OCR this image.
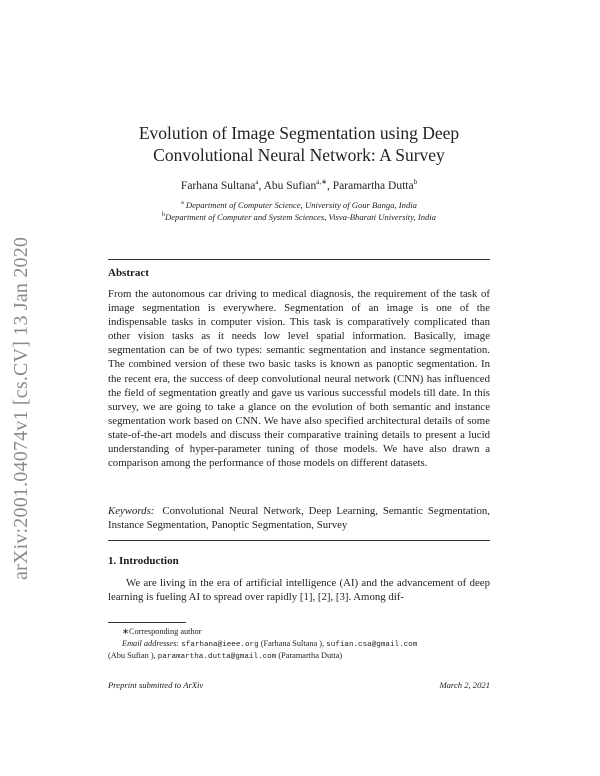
arXiv:2001.04074v1 [cs.CV] 13 Jan 2020
Evolution of Image Segmentation using Deep
Convolutional Neural Network: A Survey
Farhana Sultana$^a$, Abu Sufian$^{a,∗}$, Paramartha Dutta$^b$
$^a$ Department of Computer Science, University of Gour Banga, India
$^b$Department of Computer and System Sciences, Visva-Bharati University, India
Abstract
From the autonomous car driving to medical diagnosis, the requirement of the task of image segmentation is everywhere. Segmentation of an image is one of the indispensable tasks in computer vision. This task is comparatively complicated than other vision tasks as it needs low level spatial information. Basically, image segmentation can be of two types: semantic segmentation and instance segmentation. The combined version of these two basic tasks is known as panoptic segmentation. In the recent era, the success of deep convolutional neural network (CNN) has influenced the field of segmentation greatly and gave us various successful models till date. In this survey, we are going to take a glance on the evolution of both semantic and instance segmentation work based on CNN. We have also specified architectural details of some state-of-the-art models and discuss their comparative training details to present a lucid understanding of hyper-parameter tuning of those models. We have also drawn a comparison among the performance of those models on different datasets.
Keywords: Convolutional Neural Network, Deep Learning, Semantic Segmentation, Instance Segmentation, Panoptic Segmentation, Survey
1. Introduction
We are living in the era of artificial intelligence (AI) and the advancement of deep learning is fueling AI to spread over rapidly [1], [2], [3]. Among dif-
∗Corresponding author
Email addresses: sfarhana@ieee.org (Farhana Sultana ), sufian.csa@gmail.com
(Abu Sufian ), paramartha.dutta@gmail.com (Paramartha Dutta)
Preprint submitted to ArXiv	March 2, 2021
